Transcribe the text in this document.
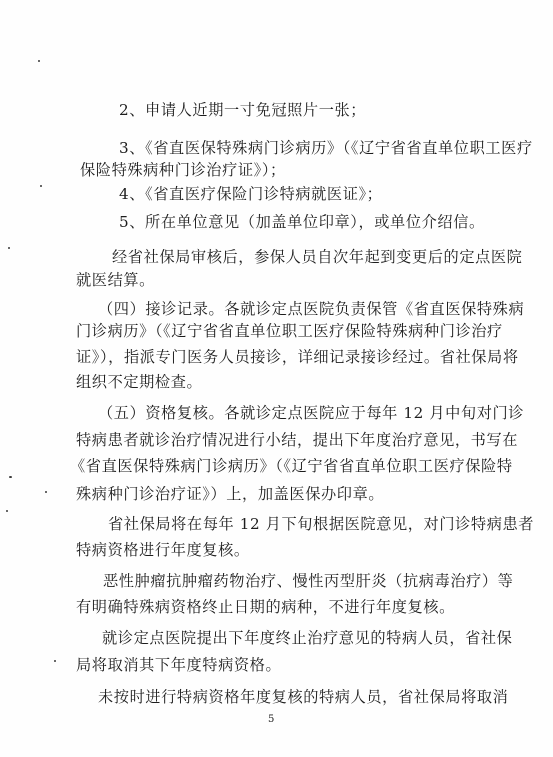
2、申请人近期一寸免冠照片一张；
3、《省直医保特殊病门诊病历》（《辽宁省省直单位职工医疗
保险特殊病种门诊治疗证》）；
4、《省直医疗保险门诊特病就医证》；
5、所在单位意见（加盖单位印章），或单位介绍信。
经省社保局审核后，参保人员自次年起到变更后的定点医院
就医结算。
（四）接诊记录。各就诊定点医院负责保管《省直医保特殊病
门诊病历》（《辽宁省省直单位职工医疗保险特殊病种门诊治疗
证》），指派专门医务人员接诊，详细记录接诊经过。省社保局将
组织不定期检查。
（五）资格复核。各就诊定点医院应于每年 12 月中旬对门诊
特病患者就诊治疗情况进行小结，提出下年度治疗意见，书写在
《省直医保特殊病门诊病历》（《辽宁省省直单位职工医疗保险特
殊病种门诊治疗证》）上，加盖医保办印章。
省社保局将在每年 12 月下旬根据医院意见，对门诊特病患者
特病资格进行年度复核。
恶性肿瘤抗肿瘤药物治疗、慢性丙型肝炎（抗病毒治疗）等
有明确特殊病资格终止日期的病种，不进行年度复核。
就诊定点医院提出下年度终止治疗意见的特病人员，省社保
局将取消其下年度特病资格。
未按时进行特病资格年度复核的特病人员，省社保局将取消
5
